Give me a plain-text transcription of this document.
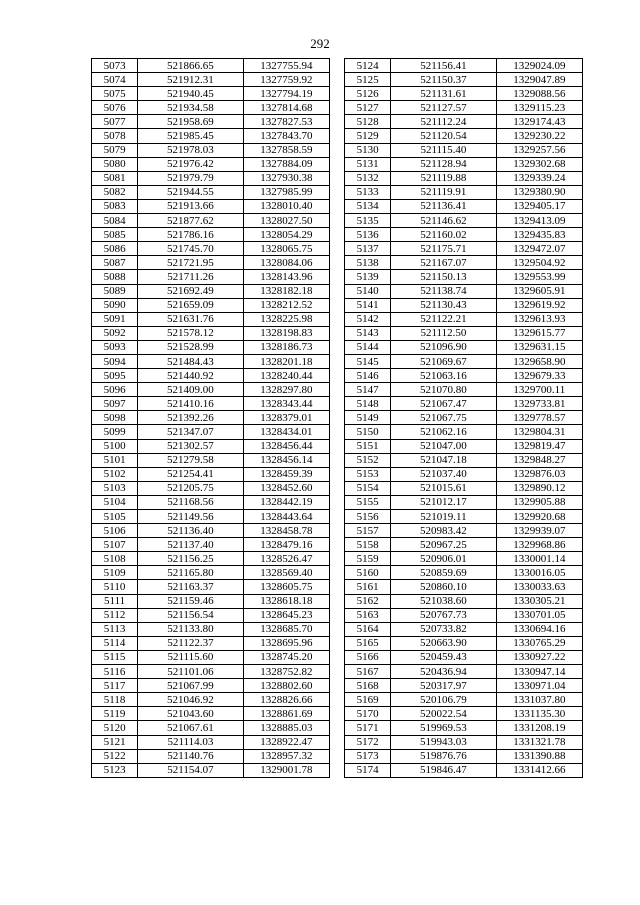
292
5073	521866.65	1327755.94
5074	521912.31	1327759.92
5075	521940.45	1327794.19
5076	521934.58	1327814.68
5077	521958.69	1327827.53
5078	521985.45	1327843.70
5079	521978.03	1327858.59
5080	521976.42	1327884.09
5081	521979.79	1327930.38
5082	521944.55	1327985.99
5083	521913.66	1328010.40
5084	521877.62	1328027.50
5085	521786.16	1328054.29
5086	521745.70	1328065.75
5087	521721.95	1328084.06
5088	521711.26	1328143.96
5089	521692.49	1328182.18
5090	521659.09	1328212.52
5091	521631.76	1328225.98
5092	521578.12	1328198.83
5093	521528.99	1328186.73
5094	521484.43	1328201.18
5095	521440.92	1328240.44
5096	521409.00	1328297.80
5097	521410.16	1328343.44
5098	521392.26	1328379.01
5099	521347.07	1328434.01
5100	521302.57	1328456.44
5101	521279.58	1328456.14
5102	521254.41	1328459.39
5103	521205.75	1328452.60
5104	521168.56	1328442.19
5105	521149.56	1328443.64
5106	521136.40	1328458.78
5107	521137.40	1328479.16
5108	521156.25	1328526.47
5109	521165.80	1328569.40
5110	521163.37	1328605.75
5111	521159.46	1328618.18
5112	521156.54	1328645.23
5113	521133.80	1328685.70
5114	521122.37	1328695.96
5115	521115.60	1328745.20
5116	521101.06	1328752.82
5117	521067.99	1328802.60
5118	521046.92	1328826.66
5119	521043.60	1328861.69
5120	521067.61	1328885.03
5121	521114.03	1328922.47
5122	521140.76	1328957.32
5123	521154.07	1329001.78
5124	521156.41	1329024.09
5125	521150.37	1329047.89
5126	521131.61	1329088.56
5127	521127.57	1329115.23
5128	521112.24	1329174.43
5129	521120.54	1329230.22
5130	521115.40	1329257.56
5131	521128.94	1329302.68
5132	521119.88	1329339.24
5133	521119.91	1329380.90
5134	521136.41	1329405.17
5135	521146.62	1329413.09
5136	521160.02	1329435.83
5137	521175.71	1329472.07
5138	521167.07	1329504.92
5139	521150.13	1329553.99
5140	521138.74	1329605.91
5141	521130.43	1329619.92
5142	521122.21	1329613.93
5143	521112.50	1329615.77
5144	521096.90	1329631.15
5145	521069.67	1329658.90
5146	521063.16	1329679.33
5147	521070.80	1329700.11
5148	521067.47	1329733.81
5149	521067.75	1329778.57
5150	521062.16	1329804.31
5151	521047.00	1329819.47
5152	521047.18	1329848.27
5153	521037.40	1329876.03
5154	521015.61	1329890.12
5155	521012.17	1329905.88
5156	521019.11	1329920.68
5157	520983.42	1329939.07
5158	520967.25	1329968.86
5159	520906.01	1330001.14
5160	520859.69	1330016.05
5161	520860.10	1330033.63
5162	521038.60	1330305.21
5163	520767.73	1330701.05
5164	520733.82	1330694.16
5165	520663.90	1330765.29
5166	520459.43	1330927.22
5167	520436.94	1330947.14
5168	520317.97	1330971.04
5169	520106.79	1331037.80
5170	520022.54	1331135.30
5171	519969.53	1331208.19
5172	519943.03	1331321.78
5173	519876.76	1331390.88
5174	519846.47	1331412.66
